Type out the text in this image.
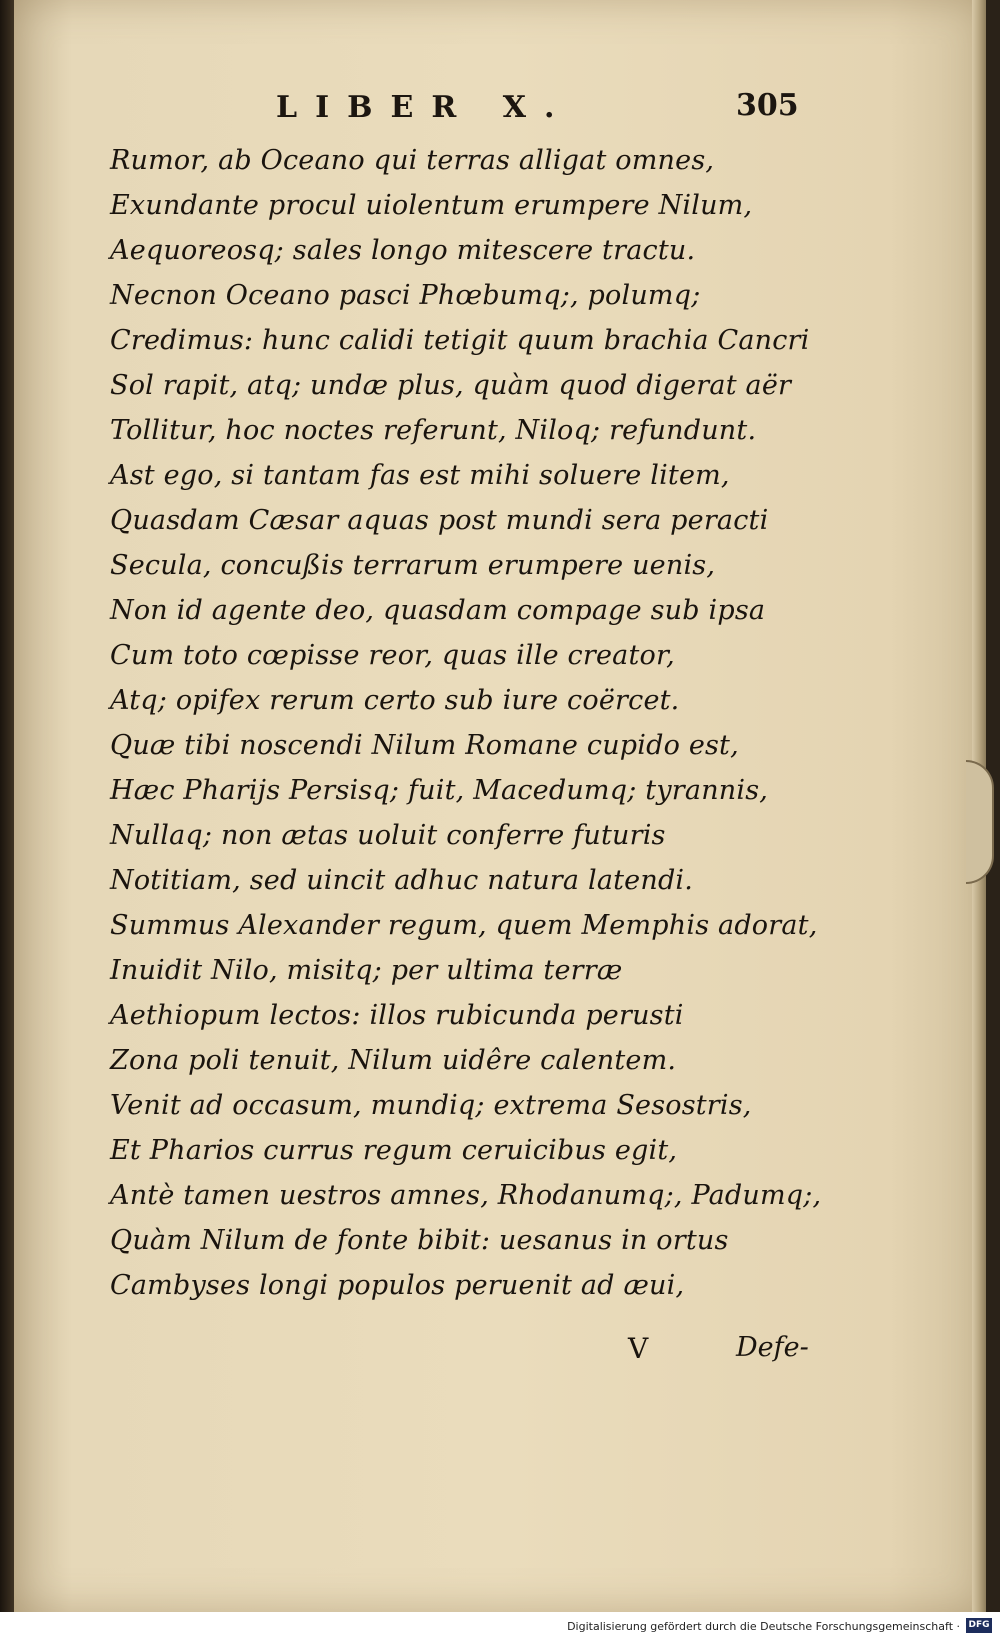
LIBER X.	305
Rumor, ab Oceano qui terras alligat omnes,
Exundante procul uiolentum erumpere Nilum,
Aequoreosq; sales longo mitescere tractu.
Necnon Oceano pasci Phœbumq;, polumq;
Credimus: hunc calidi tetigit quum brachia Cancri
Sol rapit, atq; undæ plus, quàm quod digerat aër
Tollitur, hoc noctes referunt, Niloq; refundunt.
Ast ego, si tantam fas est mihi soluere litem,
Quasdam Cæsar aquas post mundi sera peracti
Secula, concußis terrarum erumpere uenis,
Non id agente deo, quasdam compage sub ipsa
Cum toto cœpisse reor, quas ille creator,
Atq; opifex rerum certo sub iure coërcet.
Quæ tibi noscendi Nilum Romane cupido est,
Hæc Pharijs Persisq; fuit, Macedumq; tyrannis,
Nullaq; non ætas uoluit conferre futuris
Notitiam, sed uincit adhuc natura latendi.
Summus Alexander regum, quem Memphis adorat,
Inuidit Nilo, misitq; per ultima terræ
Aethiopum lectos: illos rubicunda perusti
Zona poli tenuit, Nilum uidêre calentem.
Venit ad occasum, mundiq; extrema Sesostris,
Et Pharios currus regum ceruicibus egit,
Antè tamen uestros amnes, Rhodanumq;, Padumq;,
Quàm Nilum de fonte bibit: uesanus in ortus
Cambyses longi populos peruenit ad æui,
V	Defe-
Digitalisierung gefördert durch die Deutsche Forschungsgemeinschaft · DFG
